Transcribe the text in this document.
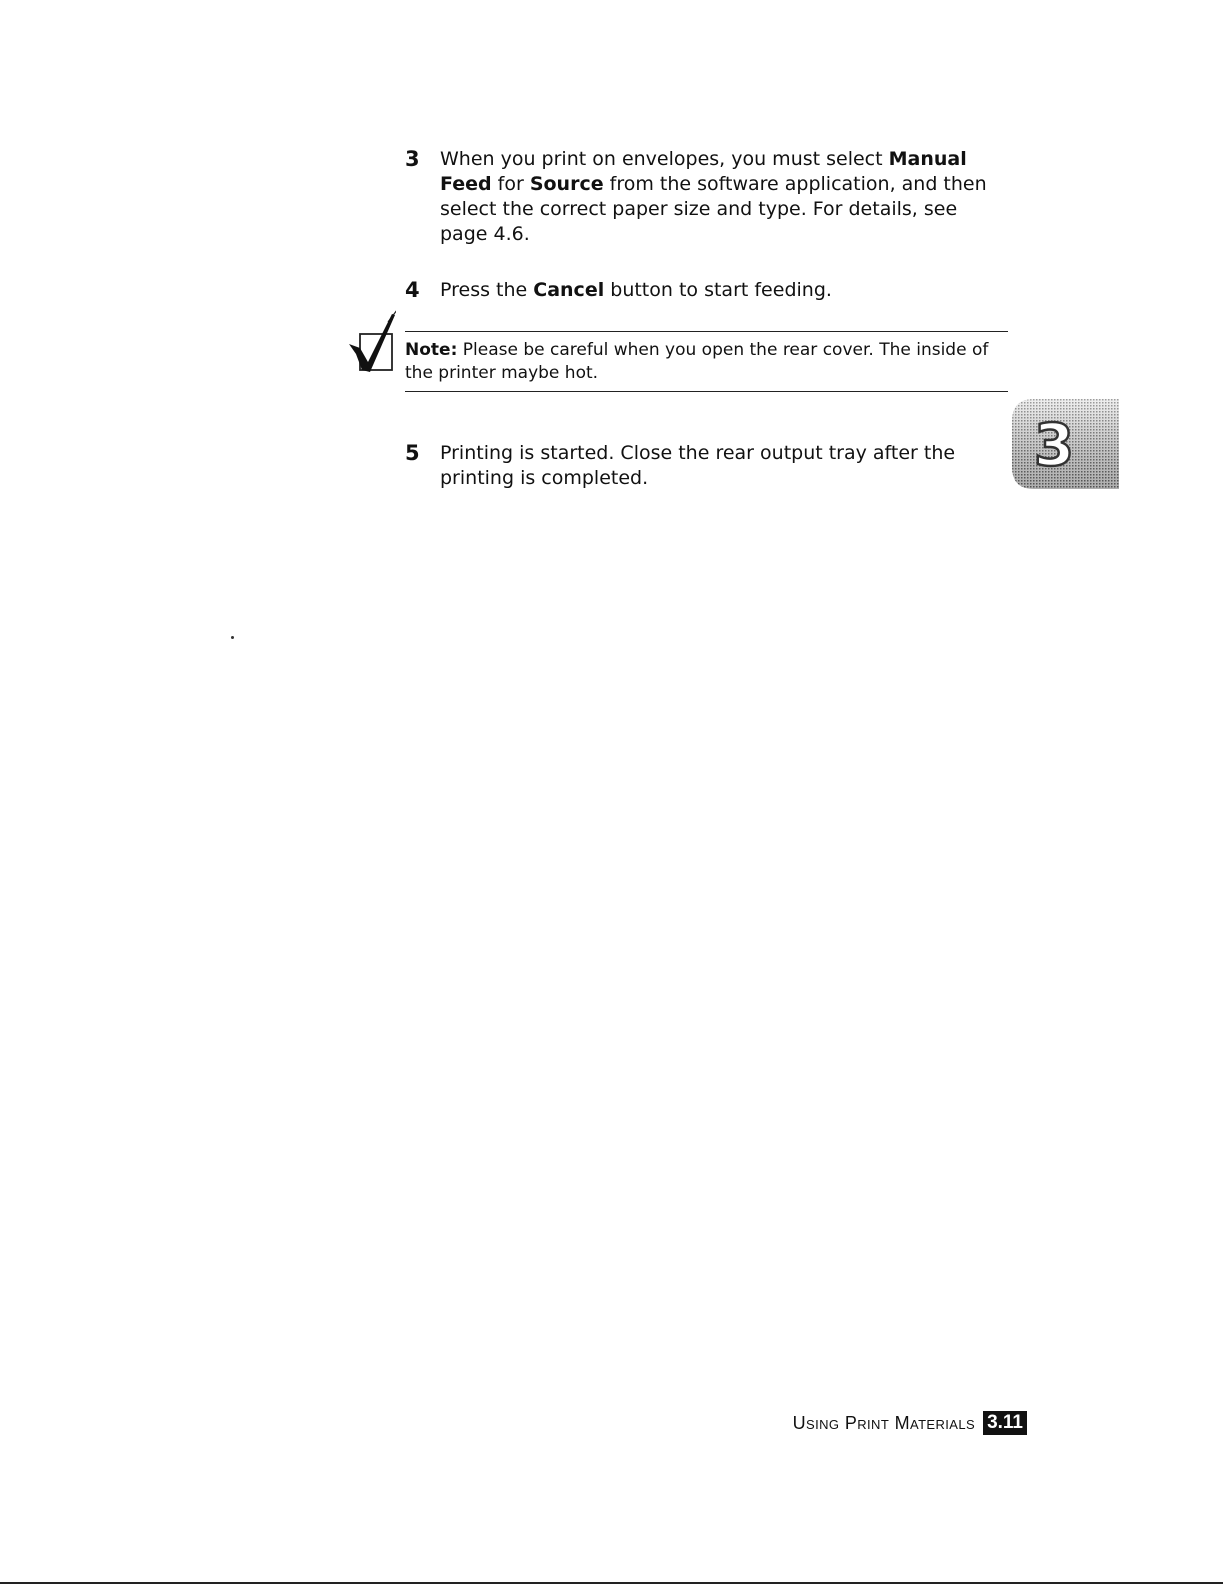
3 When you print on envelopes, you must select Manual Feed for Source from the software application, and then select the correct paper size and type. For details, see page 4.6.
4 Press the Cancel button to start feeding.
Note: Please be careful when you open the rear cover. The inside of the printer maybe hot.
5 Printing is started. Close the rear output tray after the printing is completed.	3
Using Print Materials 3.11
